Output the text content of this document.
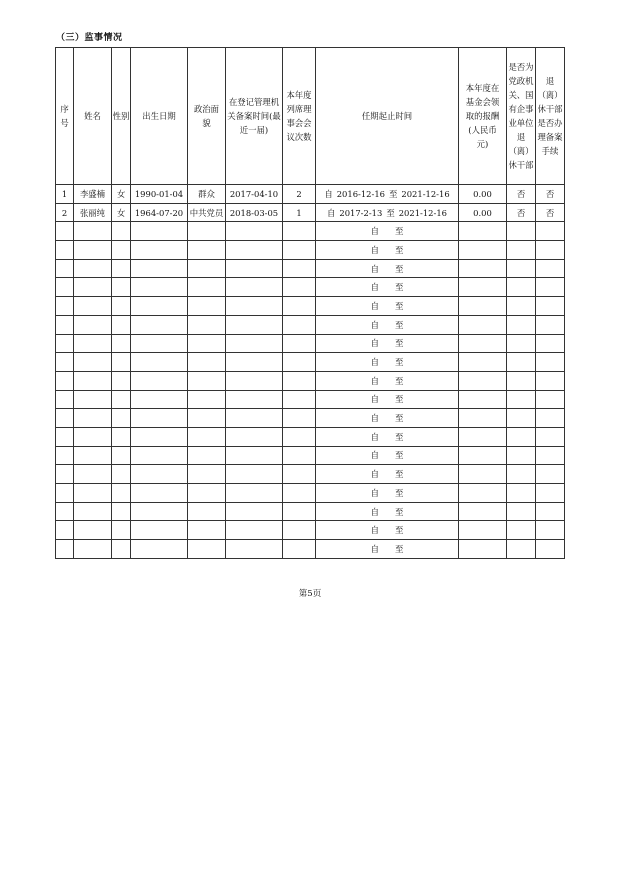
（三）监事情况
序号	姓名	性别	出生日期	政治面貌	在登记管理机关备案时间(最近一届)	本年度列席理事会会议次数	任期起止时间	本年度在基金会领取的报酬(人民币元)	是否为党政机关、国有企事业单位退（离）休干部	退（离）休干部是否办理备案手续
1	李盛楠	女	1990-01-04	群众	2017-04-10	2	自 2016-12-16 至 2021-12-16	0.00	否	否
2	张丽纯	女	1964-07-20	中共党员	2018-03-05	1	自 2017-2-13 至 2021-12-16	0.00	否	否
							自 至			
							自 至			
							自 至			
							自 至			
							自 至			
							自 至			
							自 至			
							自 至			
							自 至			
							自 至			
							自 至			
							自 至			
							自 至			
							自 至			
							自 至			
							自 至			
							自 至			
							自 至			
第5页
